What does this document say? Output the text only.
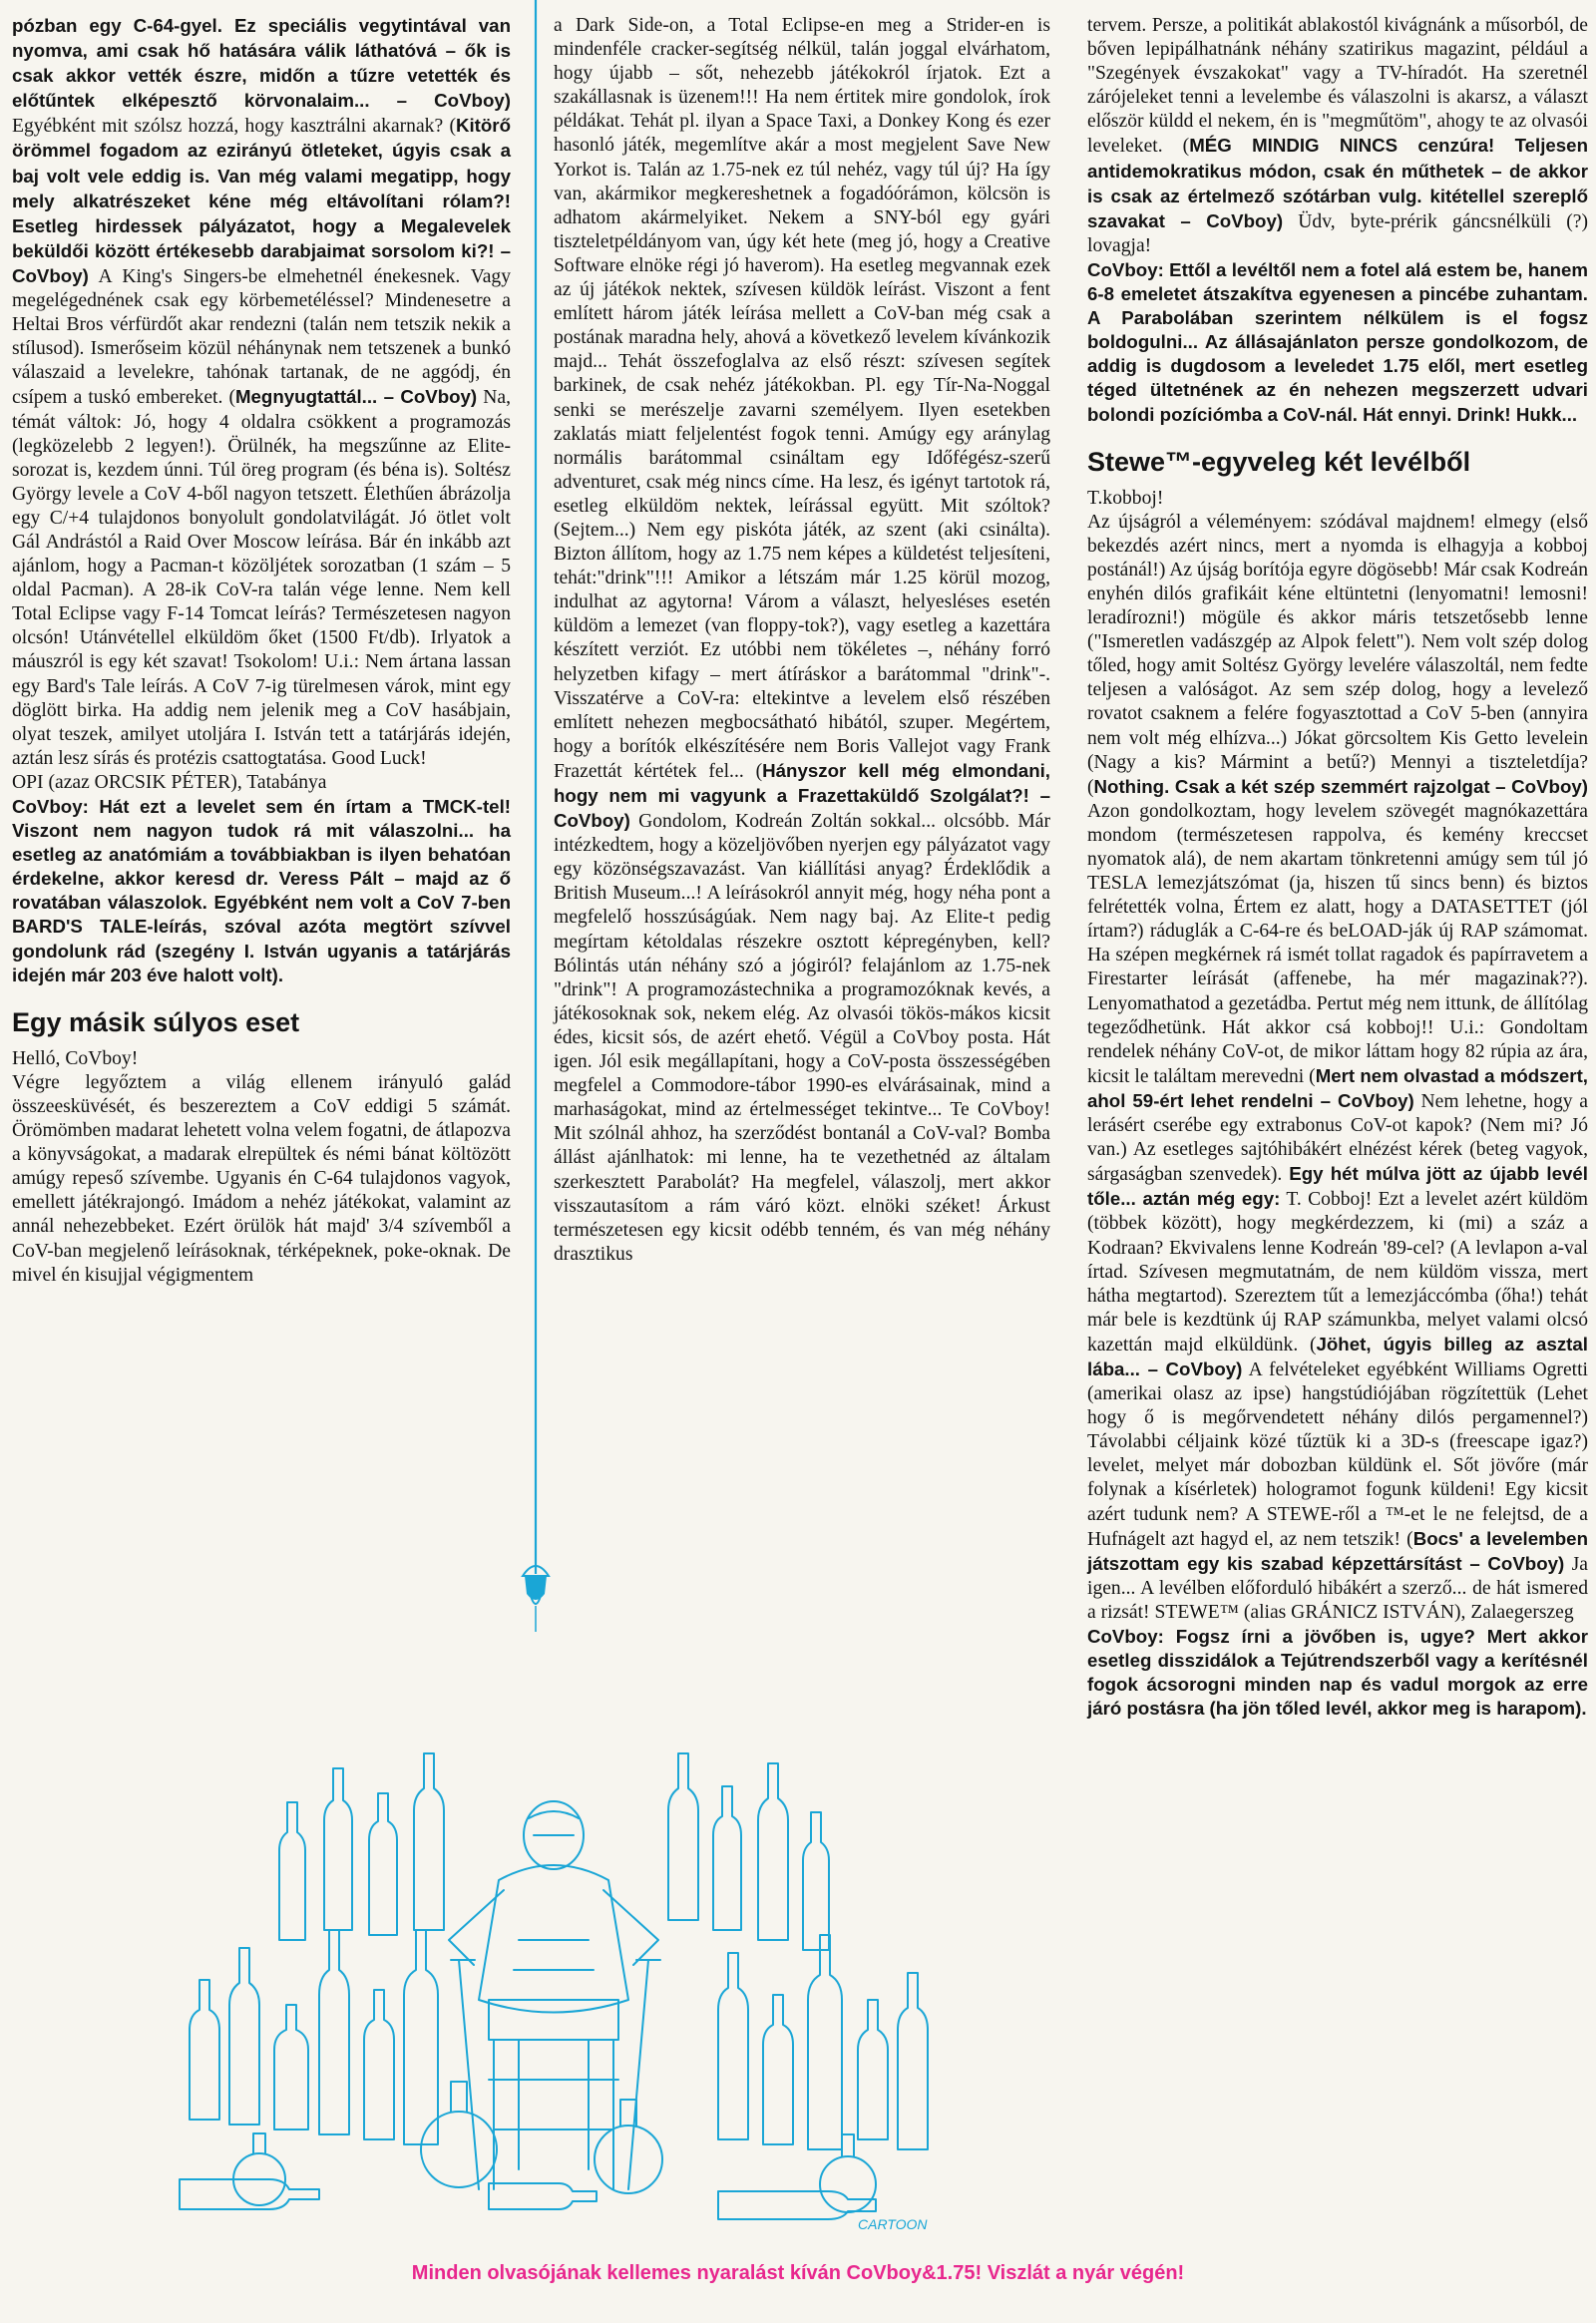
pózban egy C-64-gyel. Ez speciális vegytintával van nyomva, ami csak hő hatására válik láthatóvá – ők is csak akkor vették észre, midőn a tűzre vetették és előtűntek elképesztő körvonalaim... – CoVboy) Egyébként mit szólsz hozzá, hogy kasztrálni akarnak? (Kitörő örömmel fogadom az ezirányú ötleteket, úgyis csak a baj volt vele eddig is. Van még valami megatipp, hogy mely alkatrészeket kéne még eltávolítani rólam?! Esetleg hirdessek pályázatot, hogy a Megalevelek beküldői között értékesebb darabjaimat sorsolom ki?! – CoVboy) A King's Singers-be elmehetnél énekesnek. Vagy megelégednének csak egy körbemetéléssel? Mindenesetre a Heltai Bros vérfürdőt akar rendezni (talán nem tetszik nekik a stílusod). Ismerőseim közül néhánynak nem tetszenek a bunkó válaszaid a levelekre, tahónak tartanak, de ne aggódj, én csípem a tuskó embereket. (Megnyugtattál... – CoVboy) Na, témát váltok: Jó, hogy 4 oldalra csökkent a programozás (legközelebb 2 legyen!). Örülnék, ha megszűnne az Elite-sorozat is, kezdem únni. Túl öreg program (és béna is). Soltész György levele a CoV 4-ből nagyon tetszett. Élethűen ábrázolja egy C/+4 tulajdonos bonyolult gondolatvilágát. Jó ötlet volt Gál Andrástól a Raid Over Moscow leírása. Bár én inkább azt ajánlom, hogy a Pacman-t közöljétek sorozatban (1 szám – 5 oldal Pacman). A 28-ik CoV-ra talán vége lenne. Nem kell Total Eclipse vagy F-14 Tomcat leírás? Természetesen nagyon olcsón! Utánvétellel elküldöm őket (1500 Ft/db). Irlyatok a máuszról is egy két szavat! Tsokolom! U.i.: Nem ártana lassan egy Bard's Tale leírás. A CoV 7-ig türelmesen várok, mint egy döglött birka. Ha addig nem jelenik meg a CoV hasábjain, olyat teszek, amilyet utoljára I. István tett a tatárjárás idején, aztán lesz sírás és protézis csattogtatása. Good Luck!

OPI (azaz ORCSIK PÉTER), Tatabánya

CoVboy: Hát ezt a levelet sem én írtam a TMCK-tel! Viszont nem nagyon tudok rá mit válaszolni... ha esetleg az anatómiám a továbbiakban is ilyen behatóan érdekelne, akkor keresd dr. Veress Pált – majd az ő rovatában válaszolok. Egyébként nem volt a CoV 7-ben BARD'S TALE-leírás, szóval azóta megtört szívvel gondolunk rád (szegény I. István ugyanis a tatárjárás idején már 203 éve halott volt).

Egy másik súlyos eset

Helló, CoVboy!

Végre legyőztem a világ ellenem irányuló galád összeesküvését, és beszereztem a CoV eddigi 5 számát. Örömömben madarat lehetett volna velem fogatni, de átlapozva a könyvságokat, a madarak elrepültek és némi bánat költözött amúgy repeső szívembe. Ugyanis én C-64 tulajdonos vagyok, emellett játékrajongó. Imádom a nehéz játékokat, valamint az annál nehezebbeket. Ezért örülök hát majd' 3/4 szívemből a CoV-ban megjelenő leírásoknak, térképeknek, poke-oknak. De mivel én kisujjal végigmentem

a Dark Side-on, a Total Eclipse-en meg a Strider-en is mindenféle cracker-segítség nélkül, talán joggal elvárhatom, hogy újabb – sőt, nehezebb játékokról írjatok. Ezt a szakállasnak is üzenem!!! Ha nem értitek mire gondolok, írok példákat. Tehát pl. ilyan a Space Taxi, a Donkey Kong és ezer hasonló játék, megemlítve akár a most megjelent Save New Yorkot is. Talán az 1.75-nek ez túl nehéz, vagy túl új? Ha így van, akármikor megkereshetnek a fogadóórámon, kölcsön is adhatom akármelyiket. Nekem a SNY-ból egy gyári tiszteletpéldányom van, úgy két hete (meg jó, hogy a Creative Software elnöke régi jó haverom). Ha esetleg megvannak ezek az új játékok nektek, szívesen küldök leírást. Viszont a fent említett három játék leírása mellett a CoV-ban még csak a postának maradna hely, ahová a következő levelem kívánkozik majd... Tehát összefoglalva az első részt: szívesen segítek barkinek, de csak nehéz játékokban. Pl. egy Tír-Na-Noggal senki se merészelje zavarni személyem. Ilyen esetekben zaklatás miatt feljelentést fogok tenni. Amúgy egy aránylag normális barátommal csináltam egy Időfégész-szerű adventuret, csak még nincs címe. Ha lesz, és igényt tartotok rá, esetleg elküldöm nektek, leírással együtt. Mit szóltok? (Sejtem...) Nem egy piskóta játék, az szent (aki csinálta). Bizton állítom, hogy az 1.75 nem képes a küldetést teljesíteni, tehát:"drink"!!! Amikor a létszám már 1.25 körül mozog, indulhat az agytorna! Várom a választ, helyesléses esetén küldöm a lemezet (van floppy-tok?), vagy esetleg a kazettára készített verziót. Ez utóbbi nem tökéletes –, néhány forró helyzetben kifagy – mert átíráskor a barátommal "drink"-. Visszatérve a CoV-ra: eltekintve a levelem első részében említett nehezen megbocsátható hibától, szuper. Megértem, hogy a borítók elkészítésére nem Boris Vallejot vagy Frank Frazettát kértétek fel... (Hányszor kell még elmondani, hogy nem mi vagyunk a Frazettaküldő Szolgálat?! – CoVboy) Gondolom, Kodreán Zoltán sokkal... olcsóbb. Már intézkedtem, hogy a közeljövőben nyerjen egy pályázatot vagy egy közönségszavazást. Van kiállítási anyag? Érdeklődik a British Museum...! A leírásokról annyit még, hogy néha pont a megfelelő hosszúságúak. Nem nagy baj. Az Elite-t pedig megírtam kétoldalas részekre osztott képregényben, kell? Bólintás után néhány szó a jógiról? felajánlom az 1.75-nek "drink"! A programozástechnika a programozóknak kevés, a játékosoknak sok, nekem elég. Az olvasói tökös-mákos kicsit édes, kicsit sós, de azért ehető. Végül a CoVboy posta. Hát igen. Jól esik megállapítani, hogy a CoV-posta összességében megfelel a Commodore-tábor 1990-es elvárásainak, mind a marhaságokat, mind az értelmességet tekintve... Te CoVboy! Mit szólnál ahhoz, ha szerződést bontanál a CoV-val? Bomba állást ajánlhatok: mi lenne, ha te vezethetnéd az általam szerkesztett Parabolát? Ha megfelel, válaszolj, mert akkor visszautasítom a rám váró közt. elnöki széket! Árkust természetesen egy kicsit odébb tenném, és van még néhány drasztikus

tervem. Persze, a politikát ablakostól kivágnánk a műsorból, de bőven lepipálhatnánk néhány szatirikus magazint, például a "Szegények évszakokat" vagy a TV-híradót. Ha szeretnél zárójeleket tenni a levelembe és válaszolni is akarsz, a választ először küldd el nekem, én is "megműtöm", ahogy te az olvasói leveleket. (MÉG MINDIG NINCS cenzúra! Teljesen antidemokratikus módon, csak én műthetek – de akkor is csak az értelmező szótárban vulg. kitétellel szereplő szavakat – CoVboy) Üdv, byte-prérik gáncsnélküli (?) lovagja!

CoVboy: Ettől a levéltől nem a fotel alá estem be, hanem 6-8 emeletet átszakítva egyenesen a pincébe zuhantam. A Parabolában szerintem nélkülem is el fogsz boldogulni... Az állásajánlaton persze gondolkozom, de addig is dugdosom a leveledet 1.75 elől, mert esetleg téged ültetnének az én nehezen megszerzett udvari bolondi pozíciómba a CoV-nál. Hát ennyi. Drink! Hukk...

Stewe™-egyveleg két levélből

T.kobboj!

Az újságról a véleményem: szódával majdnem! elmegy (első bekezdés azért nincs, mert a nyomda is elhagyja a kobboj postánál!) Az újság borítója egyre dögösebb! Már csak Kodreán enyhén dilós grafikáit kéne eltüntetni (lenyomatni! lemosni! leradírozni!) mögüle és akkor máris tetszetősebb lenne ("Ismeretlen vadászgép az Alpok felett"). Nem volt szép dolog tőled, hogy amit Soltész György levelére válaszoltál, nem fedte teljesen a valóságot. Az sem szép dolog, hogy a levelező rovatot csaknem a felére fogyasztottad a CoV 5-ben (annyira nem volt még elhízva...) Jókat görcsoltem Kis Getto levelein (Nagy a kis? Mármint a betű?) Mennyi a tiszteletdíja? (Nothing. Csak a két szép szemmért rajzolgat – CoVboy) Azon gondolkoztam, hogy levelem szövegét magnókazettára mondom (természetesen rappolva, és kemény kreccset nyomatok alá), de nem akartam tönkretenni amúgy sem túl jó TESLA lemezjátszómat (ja, hiszen tű sincs benn) és biztos felrétették volna, Értem ez alatt, hogy a DATASETTET (jól írtam?) ráduglák a C-64-re és beLOAD-ják új RAP számomat. Ha szépen megkérnek rá ismét tollat ragadok és papírravetem a Firestarter leírását (affenebe, ha mér magazinak??). Lenyomathatod a gezetádba. Pertut még nem ittunk, de állítólag tegeződhetünk. Hát akkor csá kobboj!! U.i.: Gondoltam rendelek néhány CoV-ot, de mikor láttam hogy 82 rúpia az ára, kicsit le találtam merevedni (Mert nem olvastad a módszert, ahol 59-ért lehet rendelni – CoVboy) Nem lehetne, hogy a lerásért cserébe egy extrabonus CoV-ot kapok? (Nem mi? Jó van.) Az esetleges sajtóhibákért elnézést kérek (beteg vagyok, sárgaságban szenvedek). Egy hét múlva jött az újabb levél tőle... aztán még egy: T. Cobboj! Ezt a levelet azért küldöm (többek között), hogy megkérdezzem, ki (mi) a száz a Kodraan? Ekvivalens lenne Kodreán '89-cel? (A levlapon a-val írtad. Szívesen megmutatnám, de nem küldöm vissza, mert hátha megtartod). Szereztem tűt a lemezjáccómba (őha!) tehát már bele is kezdtünk új RAP számunkba, melyet valami olcsó kazettán majd elküldünk. (Jöhet, úgyis billeg az asztal lába... – CoVboy) A felvételeket egyébként Williams Ogretti (amerikai olasz az ipse) hangstúdiójában rögzítettük (Lehet hogy ő is megőrvendetett néhány dilós pergamennel?) Távolabbi céljaink közé tűztük ki a 3D-s (freescape igaz?) levelet, melyet már dobozban küldünk el. Sőt jövőre (már folynak a kísérletek) hologramot fogunk küldeni! Egy kicsit azért tudunk nem? A STEWE-ről a ™-et le ne felejtsd, de a Hufnágelt azt hagyd el, az nem tetszik! (Bocs' a levelemben játszottam egy kis szabad képzettársítást – CoVboy) Ja igen... A levélben előforduló hibákért a szerző... de hát ismered a rizsát! STEWE™ (alias GRÁNICZ ISTVÁN), Zalaegerszeg

CoVboy: Fogsz írni a jövőben is, ugye? Mert akkor esetleg disszidálok a Tejútrendszerből vagy a kerítésnél fogok ácsorogni minden nap és vadul morgok az erre járó postásra (ha jön tőled levél, akkor meg is harapom).

CARTOON
Minden olvasójának kellemes nyaralást kíván CoVboy&1.75! Viszlát a nyár végén!
